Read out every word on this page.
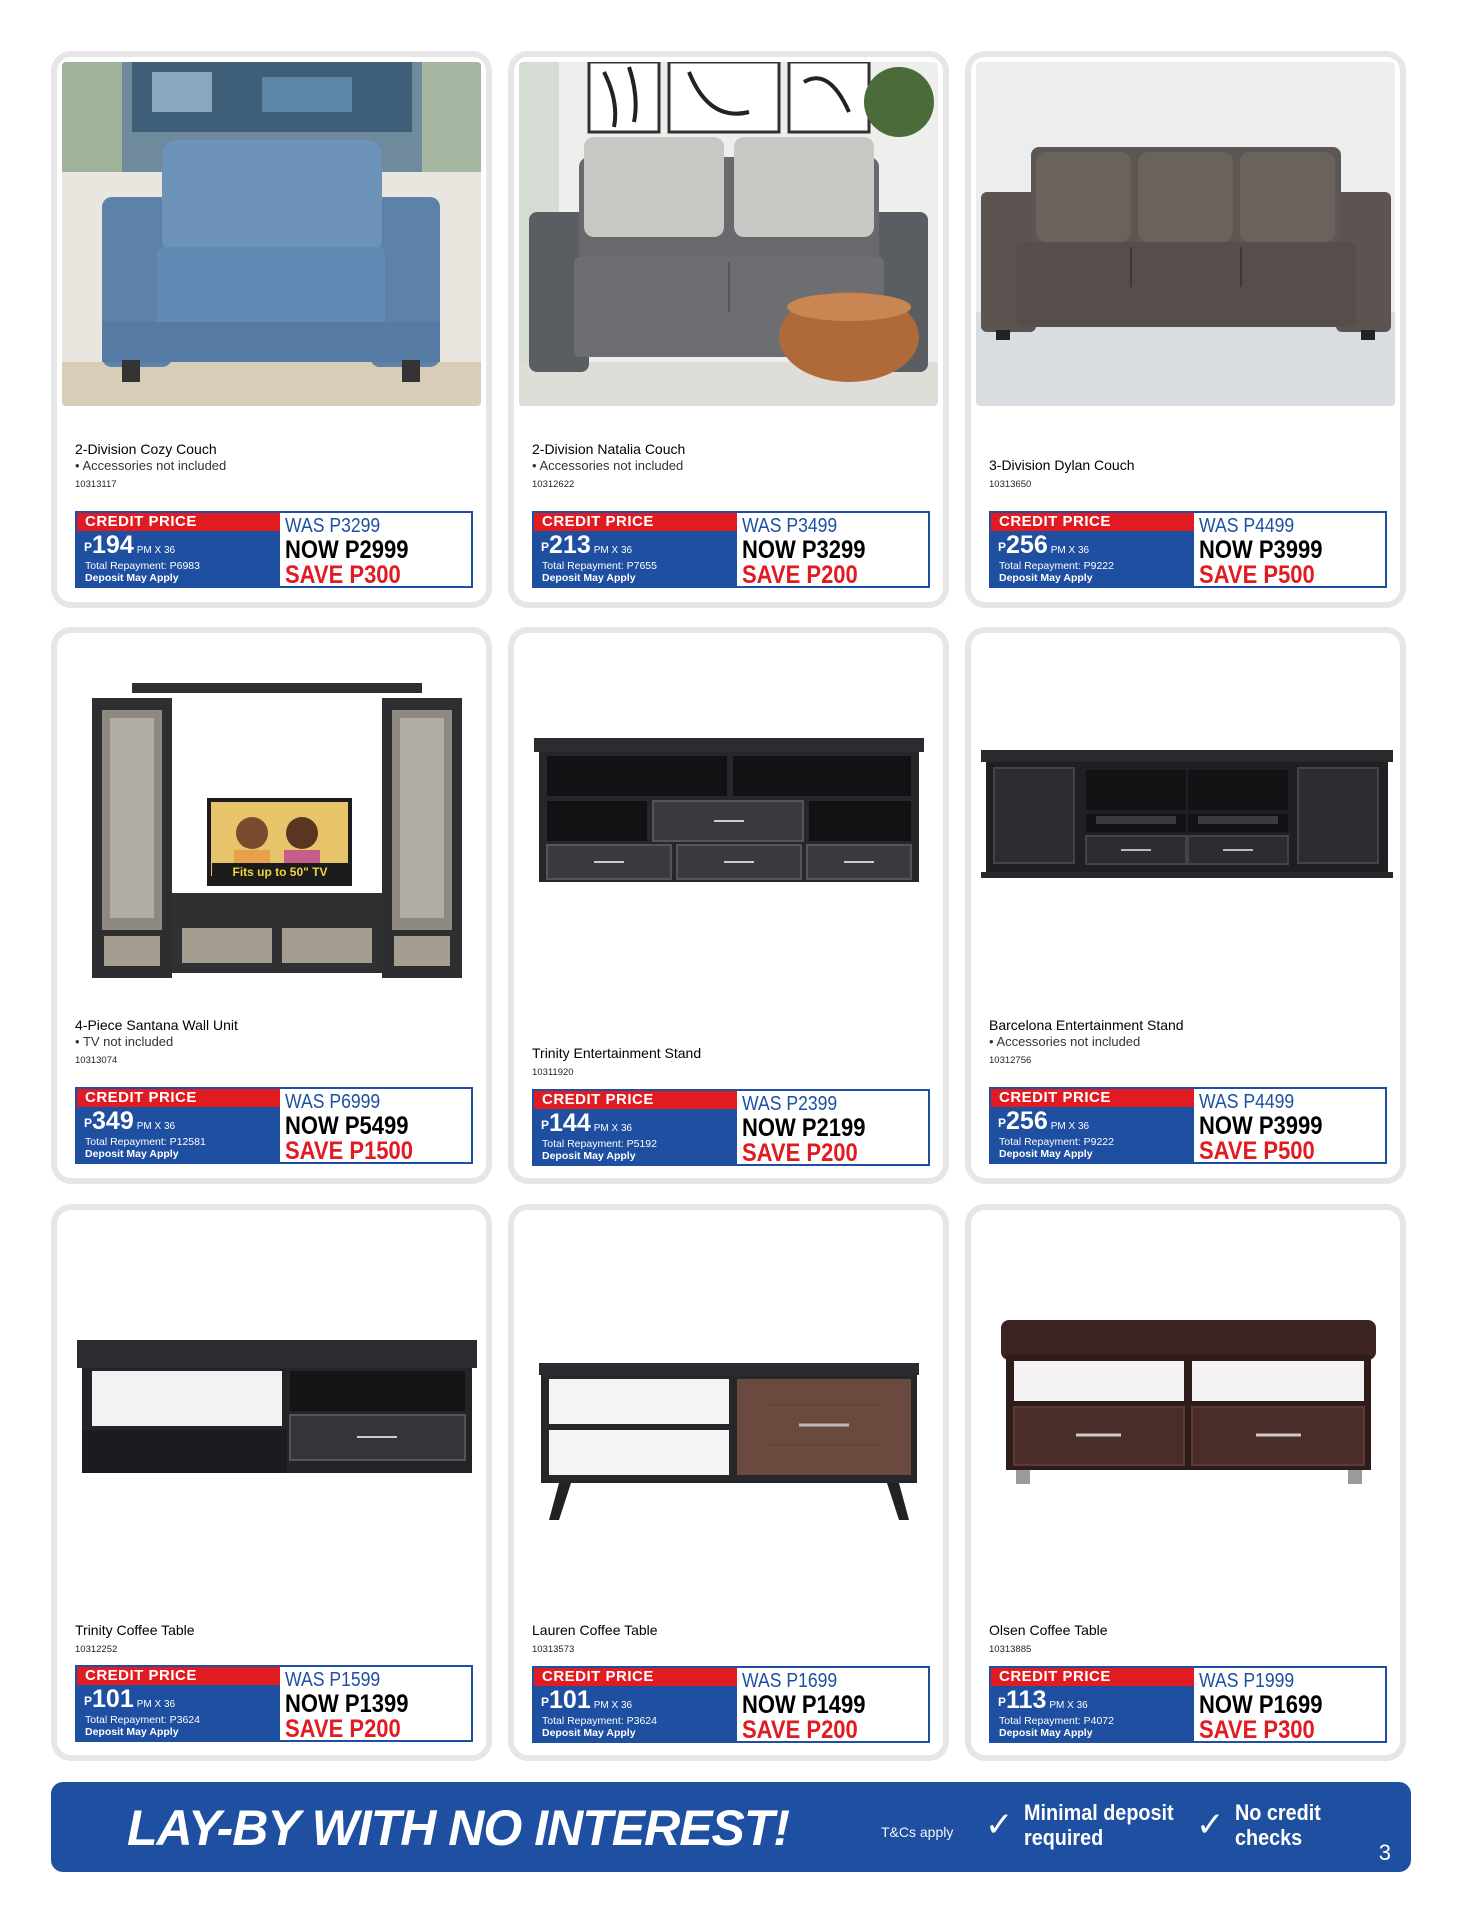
2-Division Cozy Couch
• Accessories not included
10313117
CREDIT PRICE
$^P$194 PM X 36
Total Repayment: P6983
Deposit May Apply
WAS P3299
NOW P2999
SAVE P300
2-Division Natalia Couch
• Accessories not included
10312622
CREDIT PRICE
$^P$213 PM X 36
Total Repayment: P7655
Deposit May Apply
WAS P3499
NOW P3299
SAVE P200
3-Division Dylan Couch
10313650
CREDIT PRICE
$^P$256 PM X 36
Total Repayment: P9222
Deposit May Apply
WAS P4499
NOW P3999
SAVE P500
Fits up to 50" TV
4-Piece Santana Wall Unit
• TV not included
10313074
CREDIT PRICE
$^P$349 PM X 36
Total Repayment: P12581
Deposit May Apply
WAS P6999
NOW P5499
SAVE P1500
Trinity Entertainment Stand
10311920
CREDIT PRICE
$^P$144 PM X 36
Total Repayment: P5192
Deposit May Apply
WAS P2399
NOW P2199
SAVE P200
Barcelona Entertainment Stand
• Accessories not included
10312756
CREDIT PRICE
$^P$256 PM X 36
Total Repayment: P9222
Deposit May Apply
WAS P4499
NOW P3999
SAVE P500
Trinity Coffee Table
10312252
CREDIT PRICE
$^P$101 PM X 36
Total Repayment: P3624
Deposit May Apply
WAS P1599
NOW P1399
SAVE P200
Lauren Coffee Table
10313573
CREDIT PRICE
$^P$101 PM X 36
Total Repayment: P3624
Deposit May Apply
WAS P1699
NOW P1499
SAVE P200
Olsen Coffee Table
10313885
CREDIT PRICE
$^P$113 PM X 36
Total Repayment: P4072
Deposit May Apply
WAS P1999
NOW P1699
SAVE P300
LAY-BY WITH NO INTEREST!	T&Cs apply ✓ Minimal deposit
required	✓ No credit
checks
3
